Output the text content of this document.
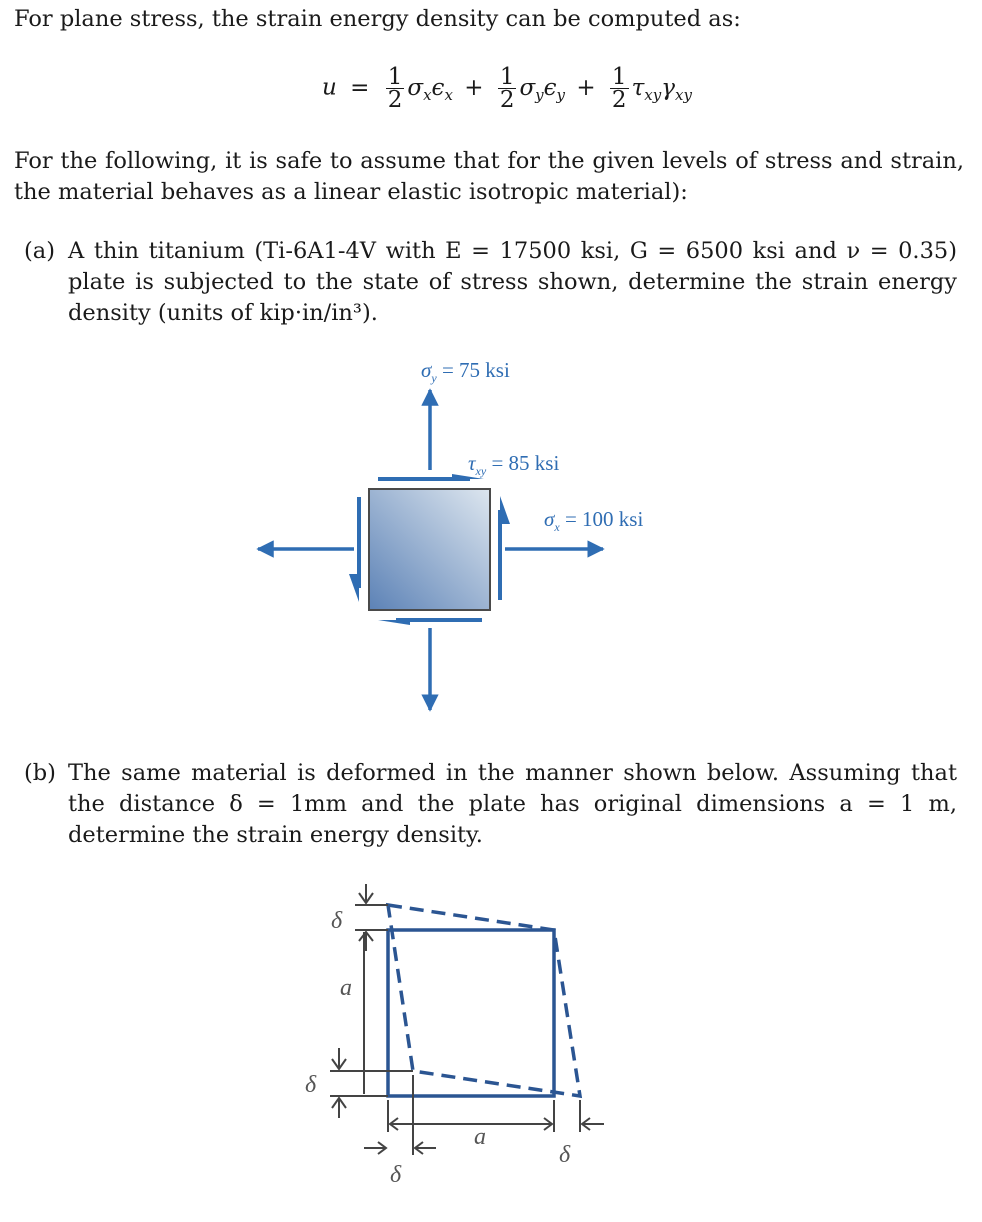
For plane stress, the strain energy density can be computed as:
$u = \frac{1}{2} \sigma_x\epsilon_x + \frac{1}{2} \sigma_y\epsilon_y + \frac{1}{2} \tau_{xy}\gamma_{xy}$
For the following, it is safe to assume that for the given levels of stress and strain, the material behaves as a linear elastic isotropic material):
(a) A thin titanium (Ti-6A1-4V with E = 17500 ksi, G = 6500 ksi and ν = 0.35) plate is subjected to the state of stress shown, determine the strain energy density (units of kip·in/in³).
$\sigma_y = 75$ ksi
$\tau_{xy} = 85$ ksi
$\sigma_x = 100$ ksi
(b) The same material is deformed in the manner shown below. Assuming that the distance δ = 1mm and the plate has original dimensions a = 1 m, determine the strain energy density.
δ
a
δ
a
δ
δ
